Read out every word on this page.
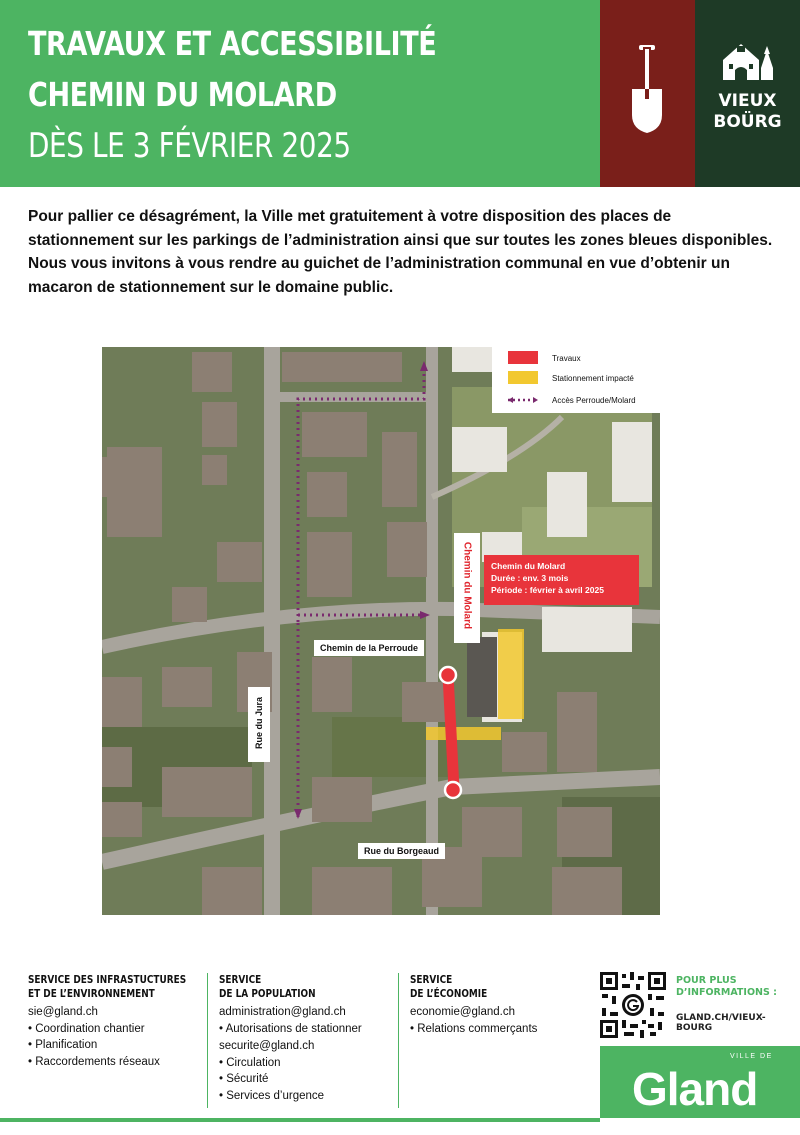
TRAVAUX ET ACCESSIBILITÉ
CHEMIN DU MOLARD
DÈS LE 3 FÉVRIER 2025
VIEUX
BOÜRG
Pour pallier ce désagrément, la Ville met gratuitement à votre disposition des places de stationnement sur les parkings de l’administration ainsi que sur toutes les zones bleues disponibles. Nous vous invitons à vous rendre au guichet de l’administration communal en vue d’obtenir un macaron de stationnement sur le domaine public.
Travaux
Stationnement impacté
Accès Perroude/Molard
Chemin du Molard Chemin du Molard
Durée : env. 3 mois
Période : février à avril 2025
Chemin de la Perroude
Rue du Jura
Rue du Borgeaud
SERVICE DES INFRASTUCTURES
ET DE L’ENVIRONNEMENT
sie@gland.ch
• Coordination chantier
• Planification
• Raccordements réseaux
SERVICE
DE LA POPULATION
administration@gland.ch
• Autorisations de stationner
securite@gland.ch
• Circulation
• Sécurité
• Services d’urgence
SERVICE
DE L’ÉCONOMIE
economie@gland.ch
• Relations commerçants
POUR PLUS
D’INFORMATIONS :
GLAND.CH/VIEUX-BOURG
VILLE DE
Gland
